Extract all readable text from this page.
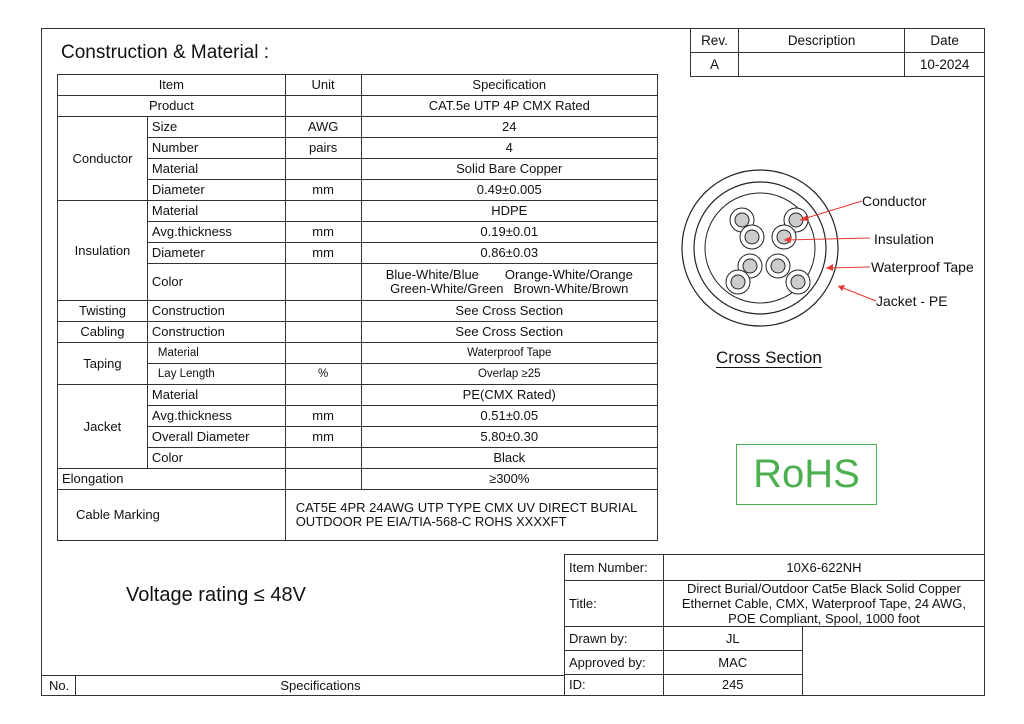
Construction & Material :
Rev.	Description	Date
A		10-2024
Item		Unit	Specification
Product			CAT.5e UTP 4P CMX Rated
Conductor	Size	AWG	24
	Number	pairs	4
	Material		Solid Bare Copper
	Diameter	mm	0.49±0.005
Insulation	Material		HDPE
	Avg.thickness	mm	0.19±0.01
	Diameter	mm	0.86±0.03
	Color		Blue-White/Blue Orange-White/Orange
Green-White/Green Brown-White/Brown

Twisting	Construction		See Cross Section
Cabling	Construction		See Cross Section
Taping	Material		Waterproof Tape
	Lay Length	%	Overlap ≥25
Jacket	Material		PE(CMX Rated)
	Avg.thickness	mm	0.51±0.05
	Overall Diameter	mm	5.80±0.30
	Color		Black
Elongation			≥300%
Cable Marking		CAT5E 4PR 24AWG UTP TYPE CMX UV DIRECT BURIAL
OUTDOOR PE EIA/TIA-568-C ROHS XXXXFT	
Conductor
Insulation
Waterproof Tape
Jacket - PE
Cross Section
RoHS
Voltage rating ≤ 48V
Item Number:	10X6-622NH	
Title:	Direct Burial/Outdoor Cat5e Black Solid Copper
Ethernet Cable, CMX, Waterproof Tape, 24 AWG,
POE Compliant, Spool, 1000 foot	

Drawn by:	JL	
Approved by:	MAC	
ID:	245	
No.	Specifications
